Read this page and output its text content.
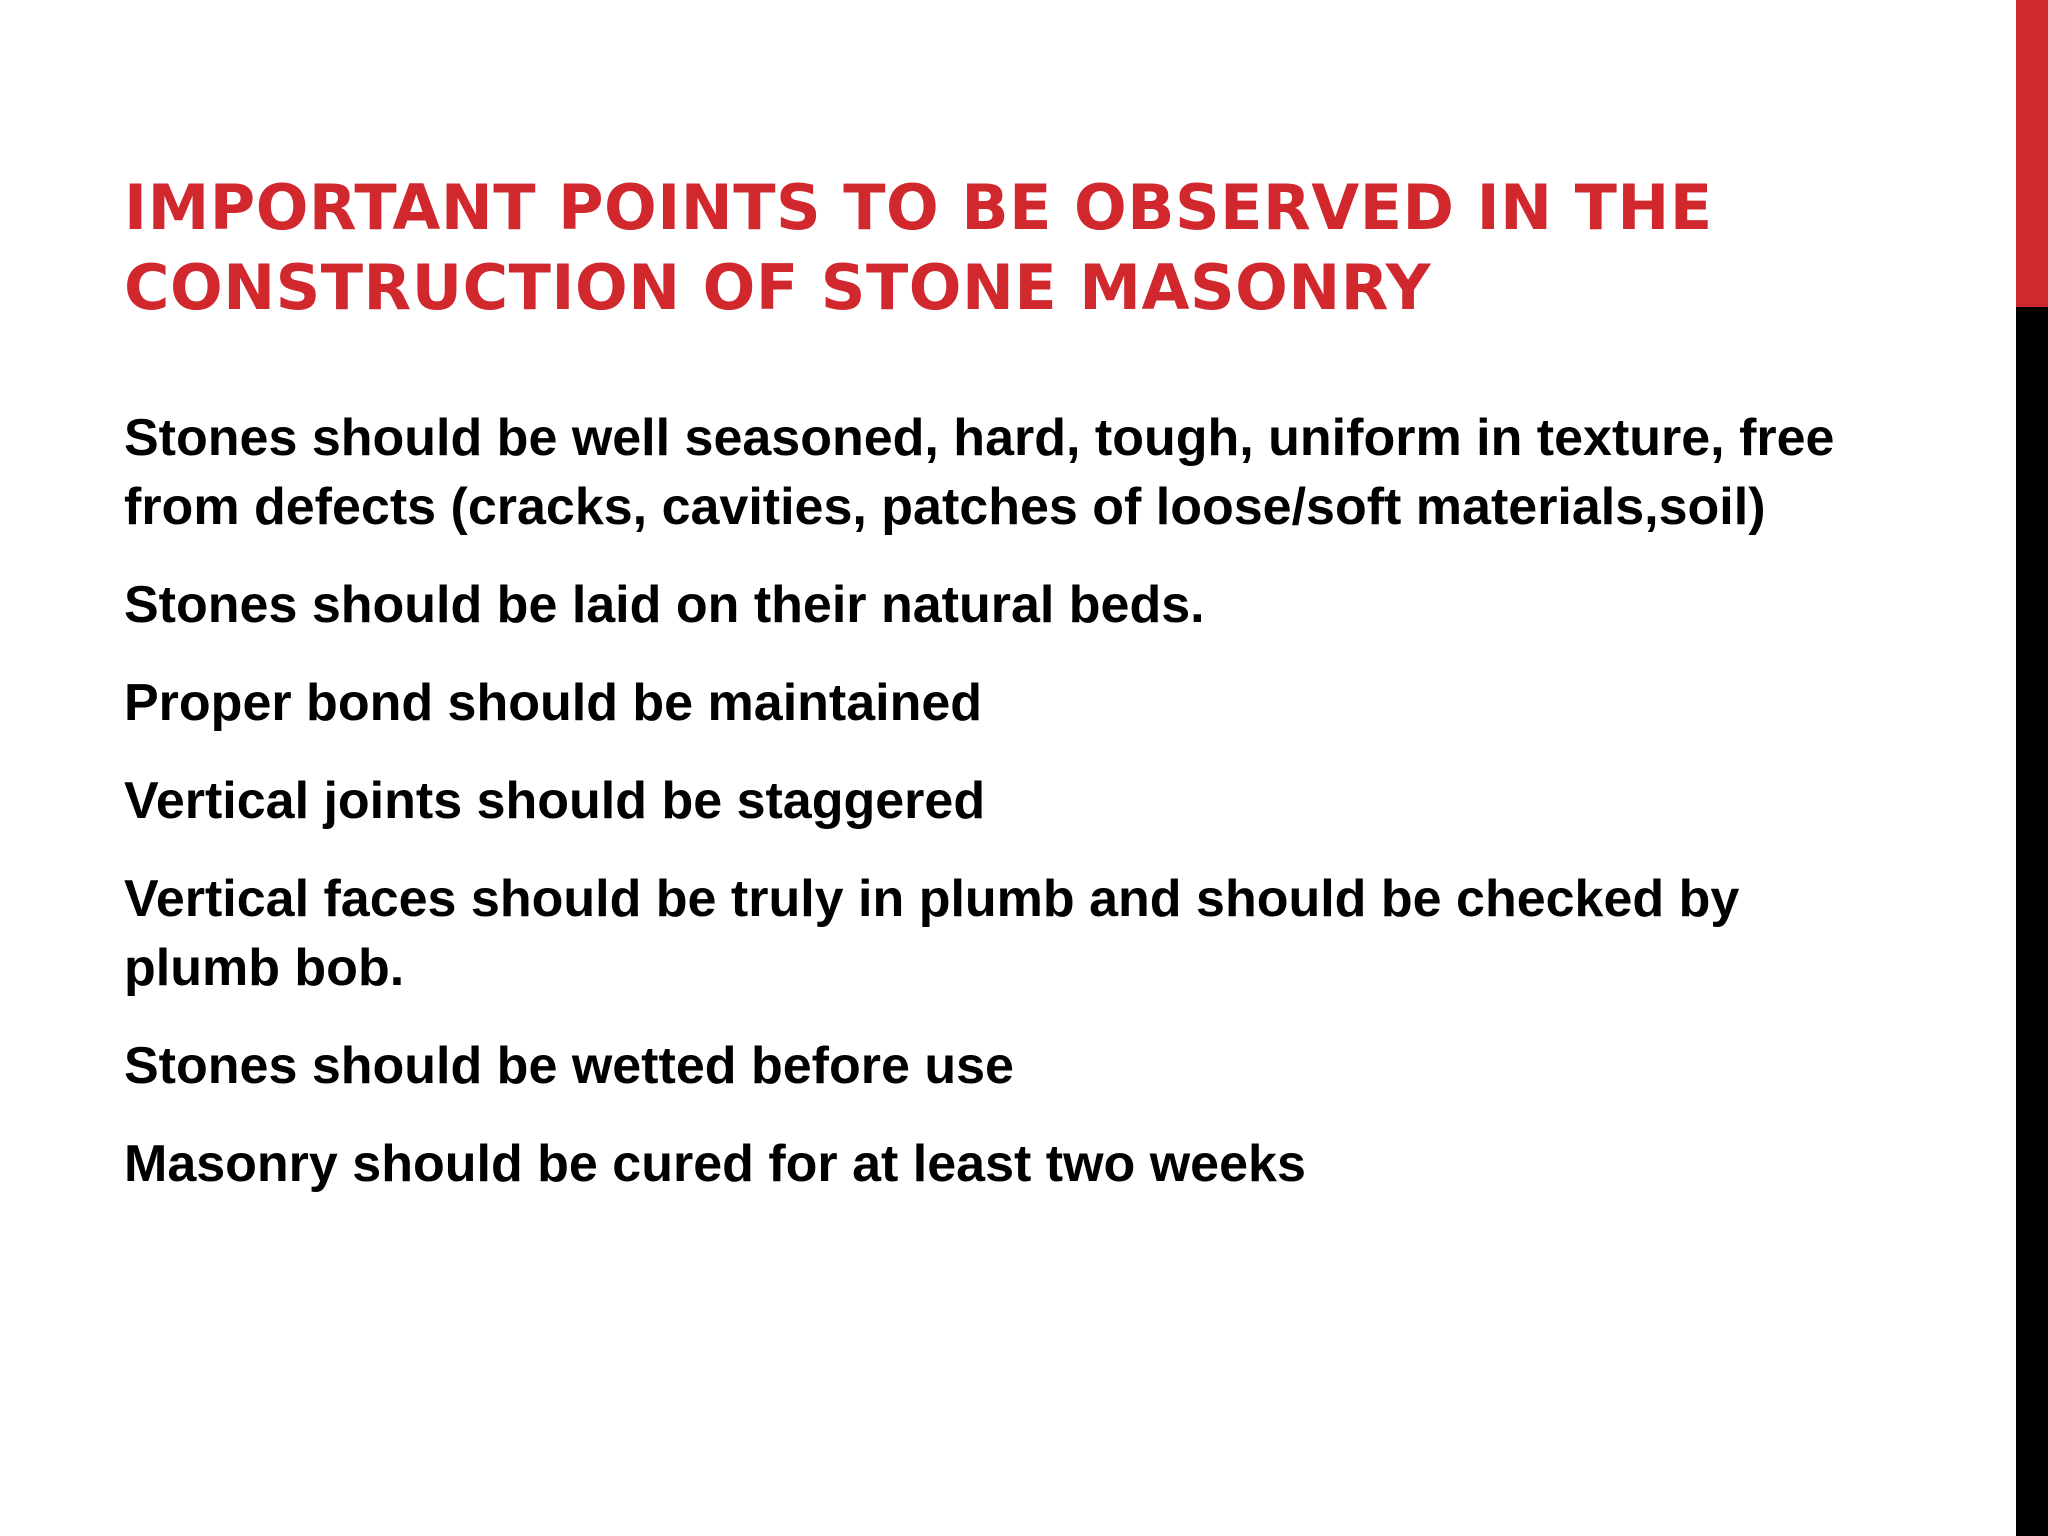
IMPORTANT POINTS TO BE OBSERVED IN THE CONSTRUCTION OF STONE MASONRY
Stones should be well seasoned, hard, tough, uniform in texture, free from defects (cracks, cavities, patches of loose/soft materials,soil)
Stones should be laid on their natural beds.
Proper bond should be maintained
Vertical joints should be staggered
Vertical faces should be truly in plumb and should be checked by plumb bob.
Stones should be wetted before use
Masonry should be cured for at least two weeks
